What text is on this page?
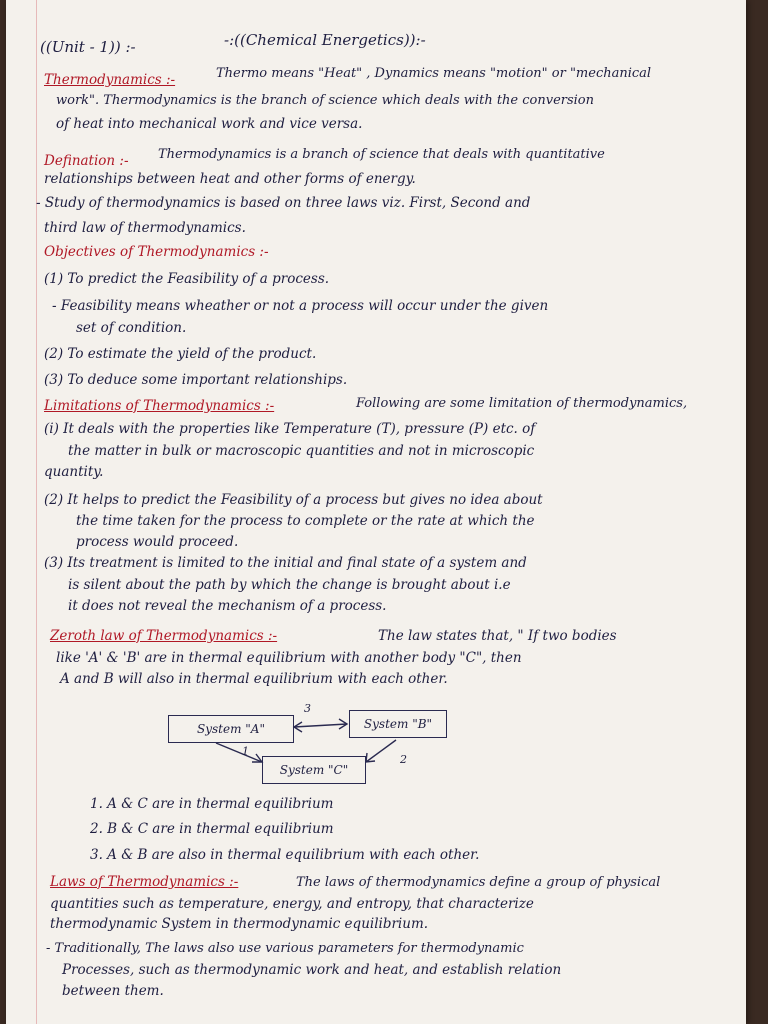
((Unit - 1)) :-	-:((Chemical Energetics)):-
Thermodynamics :-	Thermo means "Heat" , Dynamics means "motion" or "mechanical
work". Thermodynamics is the branch of science which deals with the conversion
of heat into mechanical work and vice versa.
Defination :- Thermodynamics is a branch of science that deals with quantitative
relationships between heat and other forms of energy.
- Study of thermodynamics is based on three laws viz. First, Second and
third law of thermodynamics.
Objectives of Thermodynamics :-
(1) To predict the Feasibility of a process.
- Feasibility means wheather or not a process will occur under the given
set of condition.
(2) To estimate the yield of the product.
(3) To deduce some important relationships.
Limitations of Thermodynamics :-	Following are some limitation of thermodynamics,
(i) It deals with the properties like Temperature (T), pressure (P) etc. of
the matter in bulk or macroscopic quantities and not in microscopic
quantity.
(2) It helps to predict the Feasibility of a process but gives no idea about
the time taken for the process to complete or the rate at which the
process would proceed.
(3) Its treatment is limited to the initial and final state of a system and
is silent about the path by which the change is brought about i.e
it does not reveal the mechanism of a process.
Zeroth law of Thermodynamics :-	The law states that, " If two bodies
like 'A' & 'B' are in thermal equilibrium with another body "C", then
A and B will also in thermal equilibrium with each other.
System "A"	System "B"
System "C"
3
1
2
1. A & C are in thermal equilibrium
2. B & C are in thermal equilibrium
3. A & B are also in thermal equilibrium with each other.
Laws of Thermodynamics :-	The laws of thermodynamics define a group of physical
quantities such as temperature, energy, and entropy, that characterize
thermodynamic System in thermodynamic equilibrium.
- Traditionally, The laws also use various parameters for thermodynamic
Processes, such as thermodynamic work and heat, and establish relation
between them.
